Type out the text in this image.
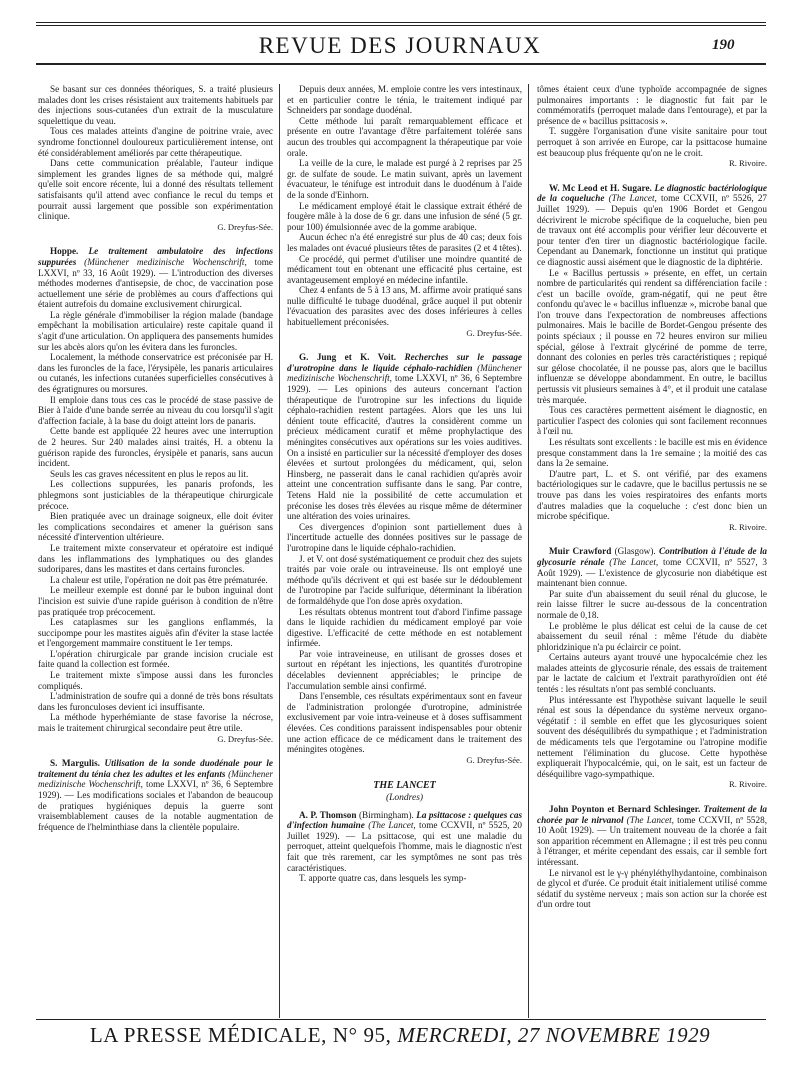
REVUE DES JOURNAUX	190

Se basant sur ces données théoriques, S. a traité plusieurs malades dont les crises résistaient aux traitements habituels par des injections sous-cutanées d'un extrait de la musculature squelettique du veau.

Tous ces malades atteints d'angine de poitrine vraie, avec syndrome fonctionnel douloureux particulièrement intense, ont été considérablement améliorés par cette thérapeutique.

Dans cette communication préalable, l'auteur indique simplement les grandes lignes de sa méthode qui, malgré qu'elle soit encore récente, lui a donné des résultats tellement satisfaisants qu'il attend avec confiance le recul du temps et pourrait aussi largement que possible son expérimentation clinique.

G. Dreyfus-Sée.

Hoppe. Le traitement ambulatoire des infections suppurées (Münchener medizinische Wochenschrift, tome LXXVI, nº 33, 16 Août 1929). — L'introduction des diverses méthodes modernes d'antisepsie, de choc, de vaccination pose actuellement une série de problèmes au cours d'affections qui étaient autrefois du domaine exclusivement chirurgical.

La règle générale d'immobiliser la région malade (bandage empêchant la mobilisation articulaire) reste capitale quand il s'agit d'une articulation. On appliquera des pansements humides sur les abcès alors qu'on les évitera dans les furoncles.

Localement, la méthode conservatrice est préconisée par H. dans les furoncles de la face, l'érysipèle, les panaris articulaires ou cutanés, les infections cutanées superficielles consécutives à des égratignures ou morsures.

Il emploie dans tous ces cas le procédé de stase passive de Bier à l'aide d'une bande serrée au niveau du cou lorsqu'il s'agit d'affection faciale, à la base du doigt atteint lors de panaris.

Cette bande est appliquée 22 heures avec une interruption de 2 heures. Sur 240 malades ainsi traités, H. a obtenu la guérison rapide des furoncles, érysipèle et panaris, sans aucun incident.

Seuls les cas graves nécessitent en plus le repos au lit.

Les collections suppurées, les panaris profonds, les phlegmons sont justiciables de la thérapeutique chirurgicale précoce.

Bien pratiquée avec un drainage soigneux, elle doit éviter les complications secondaires et amener la guérison sans nécessité d'intervention ultérieure.

Le traitement mixte conservateur et opératoire est indiqué dans les inflammations des lymphatiques ou des glandes sudoripares, dans les mastites et dans certains furoncles.

La chaleur est utile, l'opération ne doit pas être prématurée.

Le meilleur exemple est donné par le bubon inguinal dont l'incision est suivie d'une rapide guérison à condition de n'être pas pratiquée trop précocement.

Les cataplasmes sur les ganglions enflammés, la succipompe pour les mastites aiguës afin d'éviter la stase lactée et l'engorgement mammaire constituent le 1er temps.

L'opération chirurgicale par grande incision cruciale est faite quand la collection est formée.

Le traitement mixte s'impose aussi dans les furoncles compliqués.

L'administration de soufre qui a donné de très bons résultats dans les furonculoses devient ici insuffisante.

La méthode hyperhémiante de stase favorise la nécrose, mais le traitement chirurgical secondaire peut être utile.

G. Dreyfus-Sée.

S. Margulis. Utilisation de la sonde duodénale pour le traitement du ténia chez les adultes et les enfants (Münchener medizinische Wochenschrift, tome LXXVI, nº 36, 6 Septembre 1929). — Les modifications sociales et l'abandon de beaucoup de pratiques hygiéniques depuis la guerre sont vraisemblablement causes de la notable augmentation de fréquence de l'helminthiase dans la clientèle populaire.

Depuis deux années, M. emploie contre les vers intestinaux, et en particulier contre le ténia, le traitement indiqué par Schneiders par sondage duodénal.

Cette méthode lui paraît remarquablement efficace et présente en outre l'avantage d'être parfaitement tolérée sans aucun des troubles qui accompagnent la thérapeutique par voie orale.

La veille de la cure, le malade est purgé à 2 reprises par 25 gr. de sulfate de soude. Le matin suivant, après un lavement évacuateur, le ténifuge est introduit dans le duodénum à l'aide de la sonde d'Einhorn.

Le médicament employé était le classique extrait éthéré de fougère mâle à la dose de 6 gr. dans une infusion de séné (5 gr. pour 100) émulsionnée avec de la gomme arabique.

Aucun échec n'a été enregistré sur plus de 40 cas; deux fois les malades ont évacué plusieurs têtes de parasites (2 et 4 têtes).

Ce procédé, qui permet d'utiliser une moindre quantité de médicament tout en obtenant une efficacité plus certaine, est avantageusement employé en médecine infantile.

Chez 4 enfants de 5 à 13 ans, M. affirme avoir pratiqué sans nulle difficulté le tubage duodénal, grâce auquel il put obtenir l'évacuation des parasites avec des doses inférieures à celles habituellement préconisées.

G. Dreyfus-Sée.

G. Jung et K. Voit. Recherches sur le passage d'urotropine dans le liquide céphalo-rachidien (Münchener medizinische Wochenschrift, tome LXXVI, nº 36, 6 Septembre 1929). — Les opinions des auteurs concernant l'action thérapeutique de l'urotropine sur les infections du liquide céphalo-rachidien restent partagées. Alors que les uns lui dénient toute efficacité, d'autres la considèrent comme un précieux médicament curatif et même prophylactique des méningites consécutives aux opérations sur les voies auditives. On a insisté en particulier sur la nécessité d'employer des doses élevées et surtout prolongées du médicament, qui, selon Hinsberg, ne passerait dans le canal rachidien qu'après avoir atteint une concentration suffisante dans le sang. Par contre, Tetens Hald nie la possibilité de cette accumulation et préconise les doses très élevées au risque même de déterminer une altération des voies urinaires.

Ces divergences d'opinion sont partiellement dues à l'incertitude actuelle des données positives sur le passage de l'urotropine dans le liquide céphalo-rachidien.

J. et V. ont dosé systématiquement ce produit chez des sujets traités par voie orale ou intraveineuse. Ils ont employé une méthode qu'ils décrivent et qui est basée sur le dédoublement de l'urotropine par l'acide sulfurique, déterminant la libération de formaldéhyde que l'on dose après oxydation.

Les résultats obtenus montrent tout d'abord l'infime passage dans le liquide rachidien du médicament employé par voie digestive. L'efficacité de cette méthode en est notablement infirmée.

Par voie intraveineuse, en utilisant de grosses doses et surtout en répétant les injections, les quantités d'urotropine décelables deviennent appréciables; le principe de l'accumulation semble ainsi confirmé.

Dans l'ensemble, ces résultats expérimentaux sont en faveur de l'administration prolongée d'urotropine, administrée exclusivement par voie intra-veineuse et à doses suffisamment élevées. Ces conditions paraissent indispensables pour obtenir une action efficace de ce médicament dans le traitement des méningites otogènes.

G. Dreyfus-Sée.
THE LANCET
(Londres)

A. P. Thomson (Birmingham). La psittacose : quelques cas d'infection humaine (The Lancet, tome CCXVII, nº 5525, 20 Juillet 1929). — La psittacose, qui est une maladie du perroquet, atteint quelquefois l'homme, mais le diagnostic n'est fait que très rarement, car les symptômes ne sont pas très caractéristiques.

T. apporte quatre cas, dans lesquels les symp-

tômes étaient ceux d'une typhoïde accompagnée de signes pulmonaires importants : le diagnostic fut fait par le commémoratifs (perroquet malade dans l'entourage), et par la présence de « bacillus psittacosis ».

T. suggère l'organisation d'une visite sanitaire pour tout perroquet à son arrivée en Europe, car la psittacose humaine est beaucoup plus fréquente qu'on ne le croit.

R. Rivoire.

W. Mc Leod et H. Sugare. Le diagnostic bactériologique de la coqueluche (The Lancet, tome CCXVII, nº 5526, 27 Juillet 1929). — Depuis qu'en 1906 Bordet et Gengou décrivirent le microbe spécifique de la coqueluche, bien peu de travaux ont été accomplis pour vérifier leur découverte et pour tenter d'en tirer un diagnostic bactériologique facile. Cependant au Danemark, fonctionne un institut qui pratique ce diagnostic aussi aisément que le diagnostic de la diphtérie.

Le « Bacillus pertussis » présente, en effet, un certain nombre de particularités qui rendent sa différenciation facile : c'est un bacille ovoïde, gram-négatif, qui ne peut être confondu qu'avec le « bacillus influenzæ », microbe banal que l'on trouve dans l'expectoration de nombreuses affections pulmonaires. Mais le bacille de Bordet-Gengou présente des points spéciaux ; il pousse en 72 heures environ sur milieu spécial, gélose à l'extrait glycériné de pomme de terre, donnant des colonies en perles très caractéristiques ; repiqué sur gélose chocolatée, il ne pousse pas, alors que le bacillus influenzæ se développe abondamment. En outre, le bacillus pertussis vit plusieurs semaines à 4°, et il produit une catalase très marquée.

Tous ces caractères permettent aisément le diagnostic, en particulier l'aspect des colonies qui sont facilement reconnues à l'œil nu.

Les résultats sont excellents : le bacille est mis en évidence presque constamment dans la 1re semaine ; la moitié des cas dans la 2e semaine.

D'autre part, L. et S. ont vérifié, par des examens bactériologiques sur le cadavre, que le bacillus pertussis ne se trouve pas dans les voies respiratoires des enfants morts d'autres maladies que la coqueluche : c'est donc bien un microbe spécifique.

R. Rivoire.

Muir Crawford (Glasgow). Contribution à l'étude de la glycosurie rénale (The Lancet, tome CCXVII, nº 5527, 3 Août 1929). — L'existence de glycosurie non diabétique est maintenant bien connue.

Par suite d'un abaissement du seuil rénal du glucose, le rein laisse filtrer le sucre au-dessous de la concentration normale de 0,18.

Le problème le plus délicat est celui de la cause de cet abaissement du seuil rénal : même l'étude du diabète phloridzinique n'a pu éclaircir ce point.

Certains auteurs ayant trouvé une hypocalcémie chez les malades atteints de glycosurie rénale, des essais de traitement par le lactate de calcium et l'extrait parathyroïdien ont été tentés : les résultats n'ont pas semblé concluants.

Plus intéressante est l'hypothèse suivant laquelle le seuil rénal est sous la dépendance du système nerveux organo-végétatif : il semble en effet que les glycosuriques soient souvent des déséquilibrés du sympathique ; et l'administration de médicaments tels que l'ergotamine ou l'atropine modifie nettement l'élimination du glucose. Cette hypothèse expliquerait l'hypocalcémie, qui, on le sait, est un facteur de déséquilibre vago-sympathique.

R. Rivoire.

John Poynton et Bernard Schlesinger. Traitement de la chorée par le nirvanol (The Lancet, tome CCXVII, nº 5528, 10 Août 1929). — Un traitement nouveau de la chorée a fait son apparition récemment en Allemagne ; il est très peu connu à l'étranger, et mérite cependant des essais, car il semble fort intéressant.

Le nirvanol est le γ-γ phényléthylhydantoine, combinaison de glycol et d'urée. Ce produit était initialement utilisé comme sédatif du système nerveux ; mais son action sur la chorée est d'un ordre tout

LA PRESSE MÉDICALE, N° 95, MERCREDI, 27 NOVEMBRE 1929
